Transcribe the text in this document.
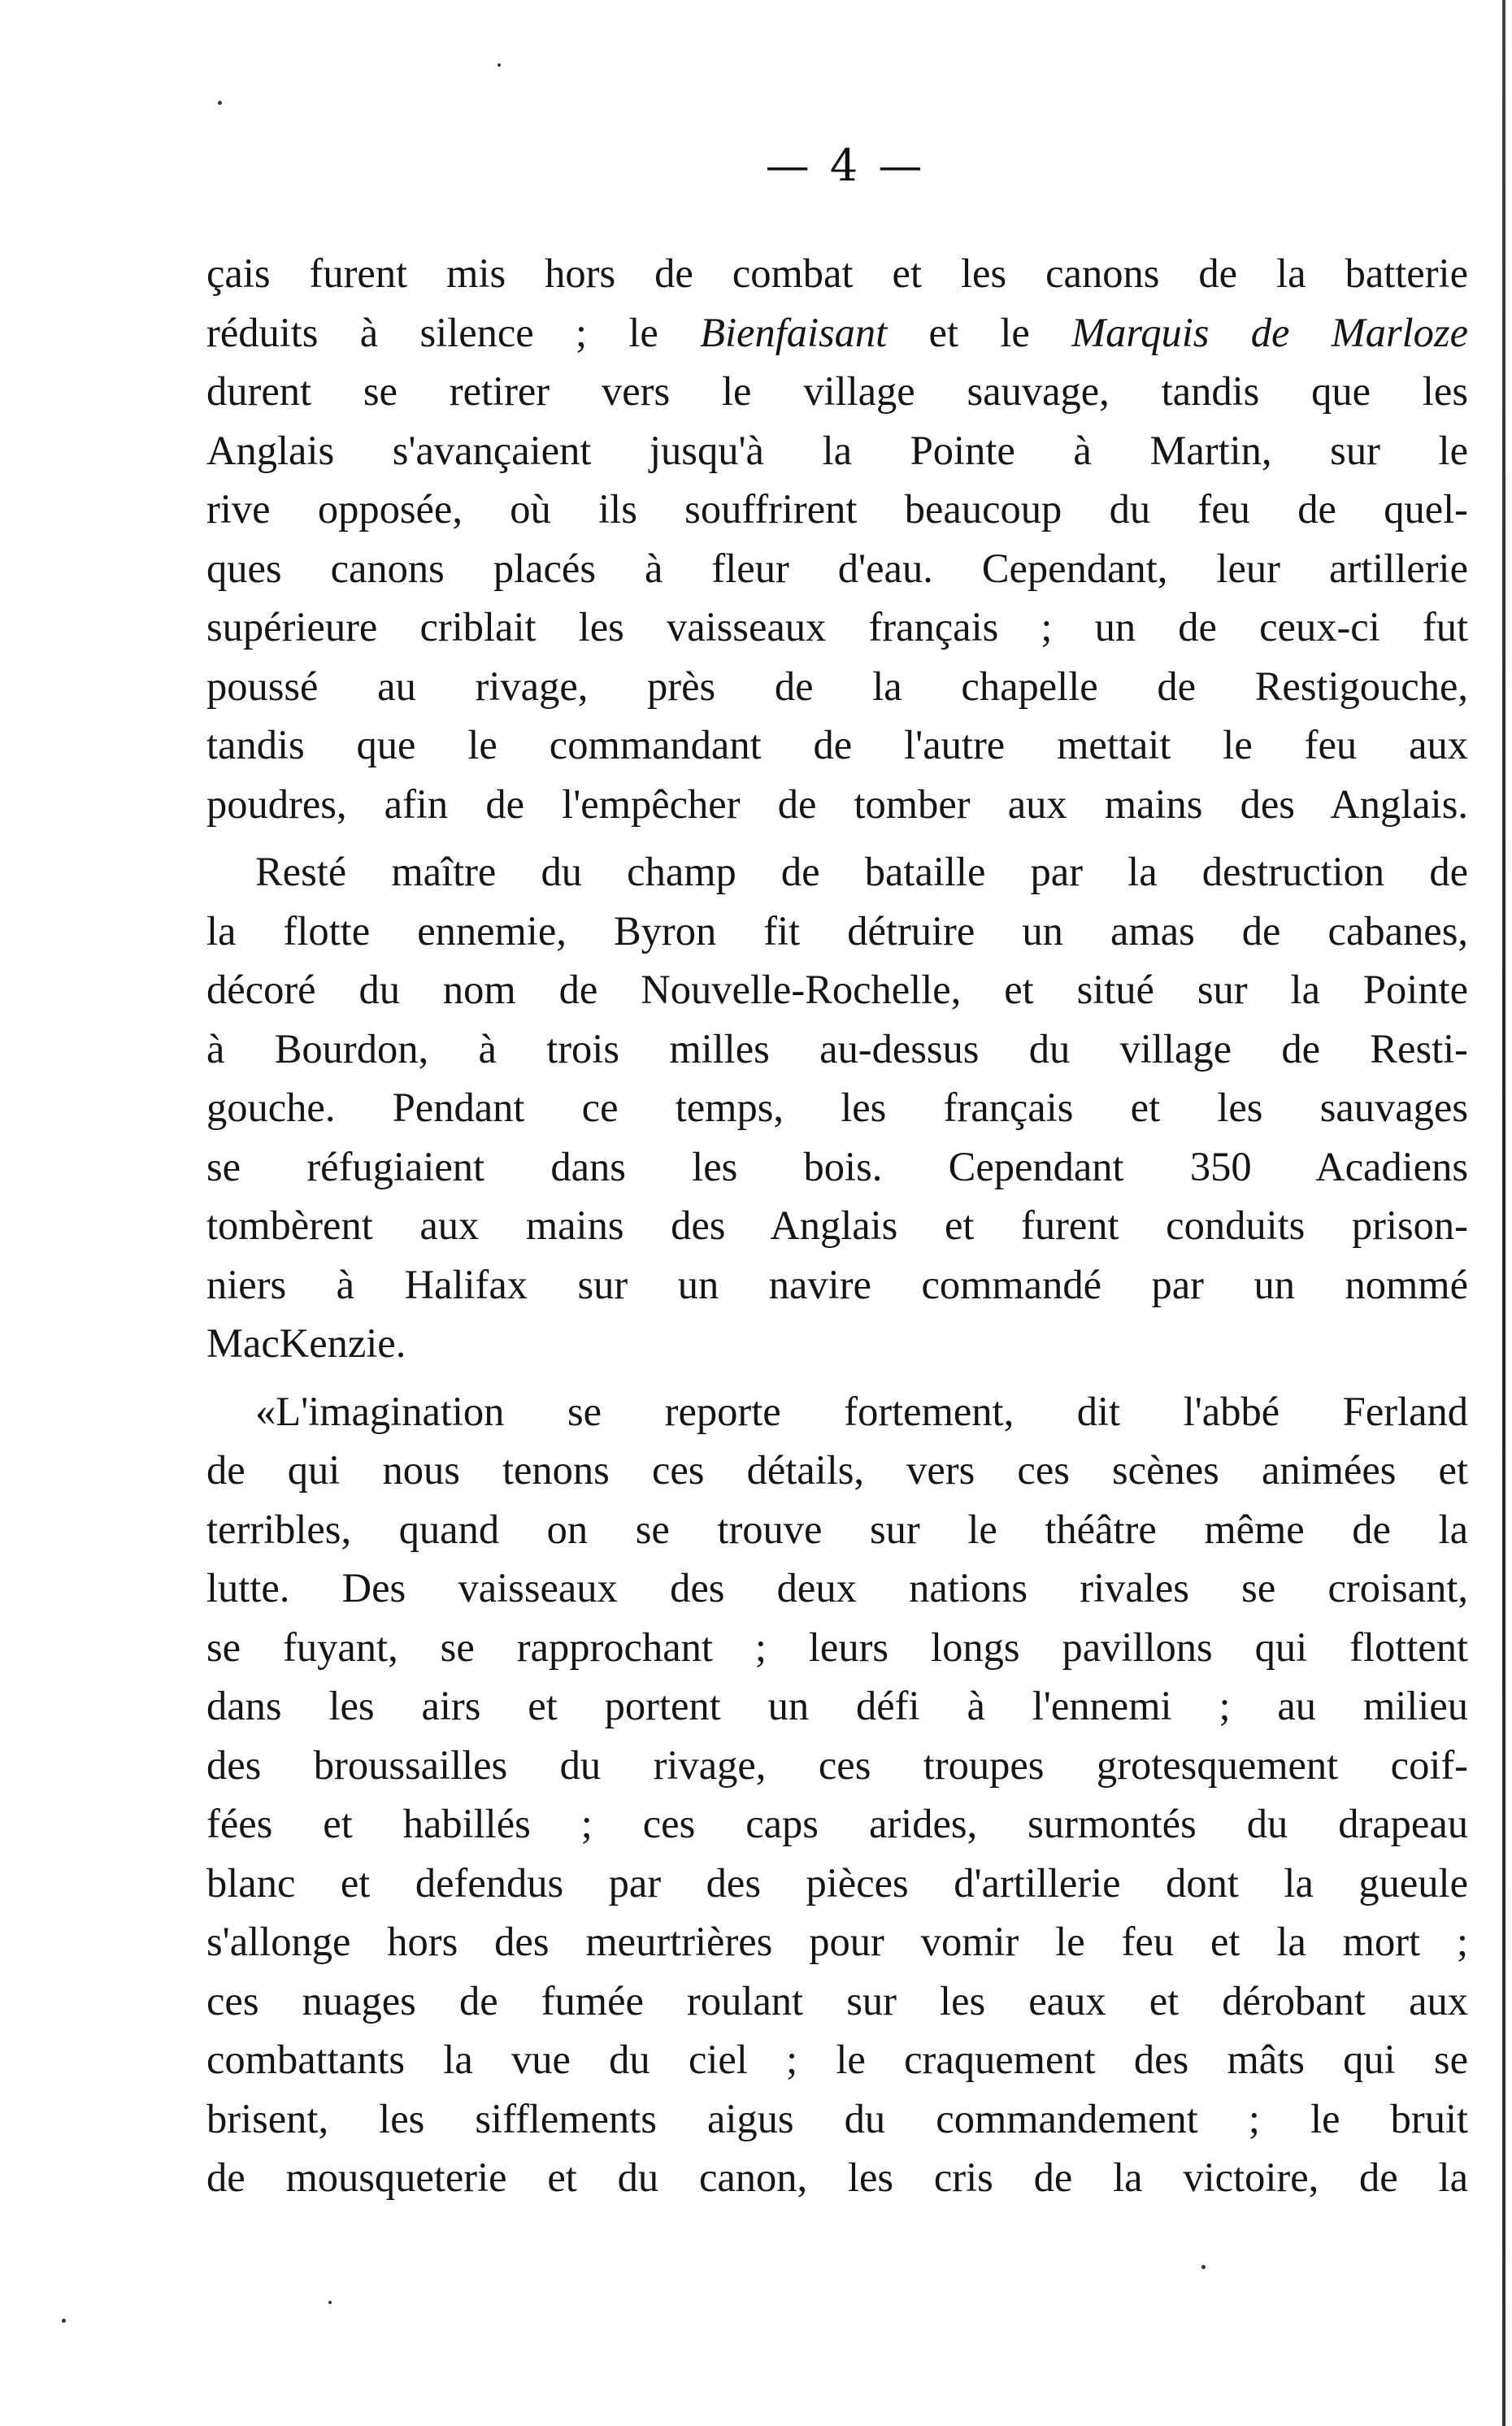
— 4 —
çais furent mis hors de combat et les canons de la batterie
réduits à silence ; le Bienfaisant et le Marquis de Marloze
durent se retirer vers le village sauvage, tandis que les
Anglais s'avançaient jusqu'à la Pointe à Martin, sur le
rive opposée, où ils souffrirent beaucoup du feu de quel-
ques canons placés à fleur d'eau. Cependant, leur artillerie
supérieure criblait les vaisseaux français ; un de ceux-ci fut
poussé au rivage, près de la chapelle de Restigouche,
tandis que le commandant de l'autre mettait le feu aux
poudres, afin de l'empêcher de tomber aux mains des Anglais.
Resté maître du champ de bataille par la destruction de
la flotte ennemie, Byron fit détruire un amas de cabanes,
décoré du nom de Nouvelle-Rochelle, et situé sur la Pointe
à Bourdon, à trois milles au-dessus du village de Resti-
gouche. Pendant ce temps, les français et les sauvages
se réfugiaient dans les bois. Cependant 350 Acadiens
tombèrent aux mains des Anglais et furent conduits prison-
niers à Halifax sur un navire commandé par un nommé
MacKenzie.
«L'imagination se reporte fortement, dit l'abbé Ferland
de qui nous tenons ces détails, vers ces scènes animées et
terribles, quand on se trouve sur le théâtre même de la
lutte. Des vaisseaux des deux nations rivales se croisant,
se fuyant, se rapprochant ; leurs longs pavillons qui flottent
dans les airs et portent un défi à l'ennemi ; au milieu
des broussailles du rivage, ces troupes grotesquement coif-
fées et habillés ; ces caps arides, surmontés du drapeau
blanc et defendus par des pièces d'artillerie dont la gueule
s'allonge hors des meurtrières pour vomir le feu et la mort ;
ces nuages de fumée roulant sur les eaux et dérobant aux
combattants la vue du ciel ; le craquement des mâts qui se
brisent, les sifflements aigus du commandement ; le bruit
de mousqueterie et du canon, les cris de la victoire, de la
